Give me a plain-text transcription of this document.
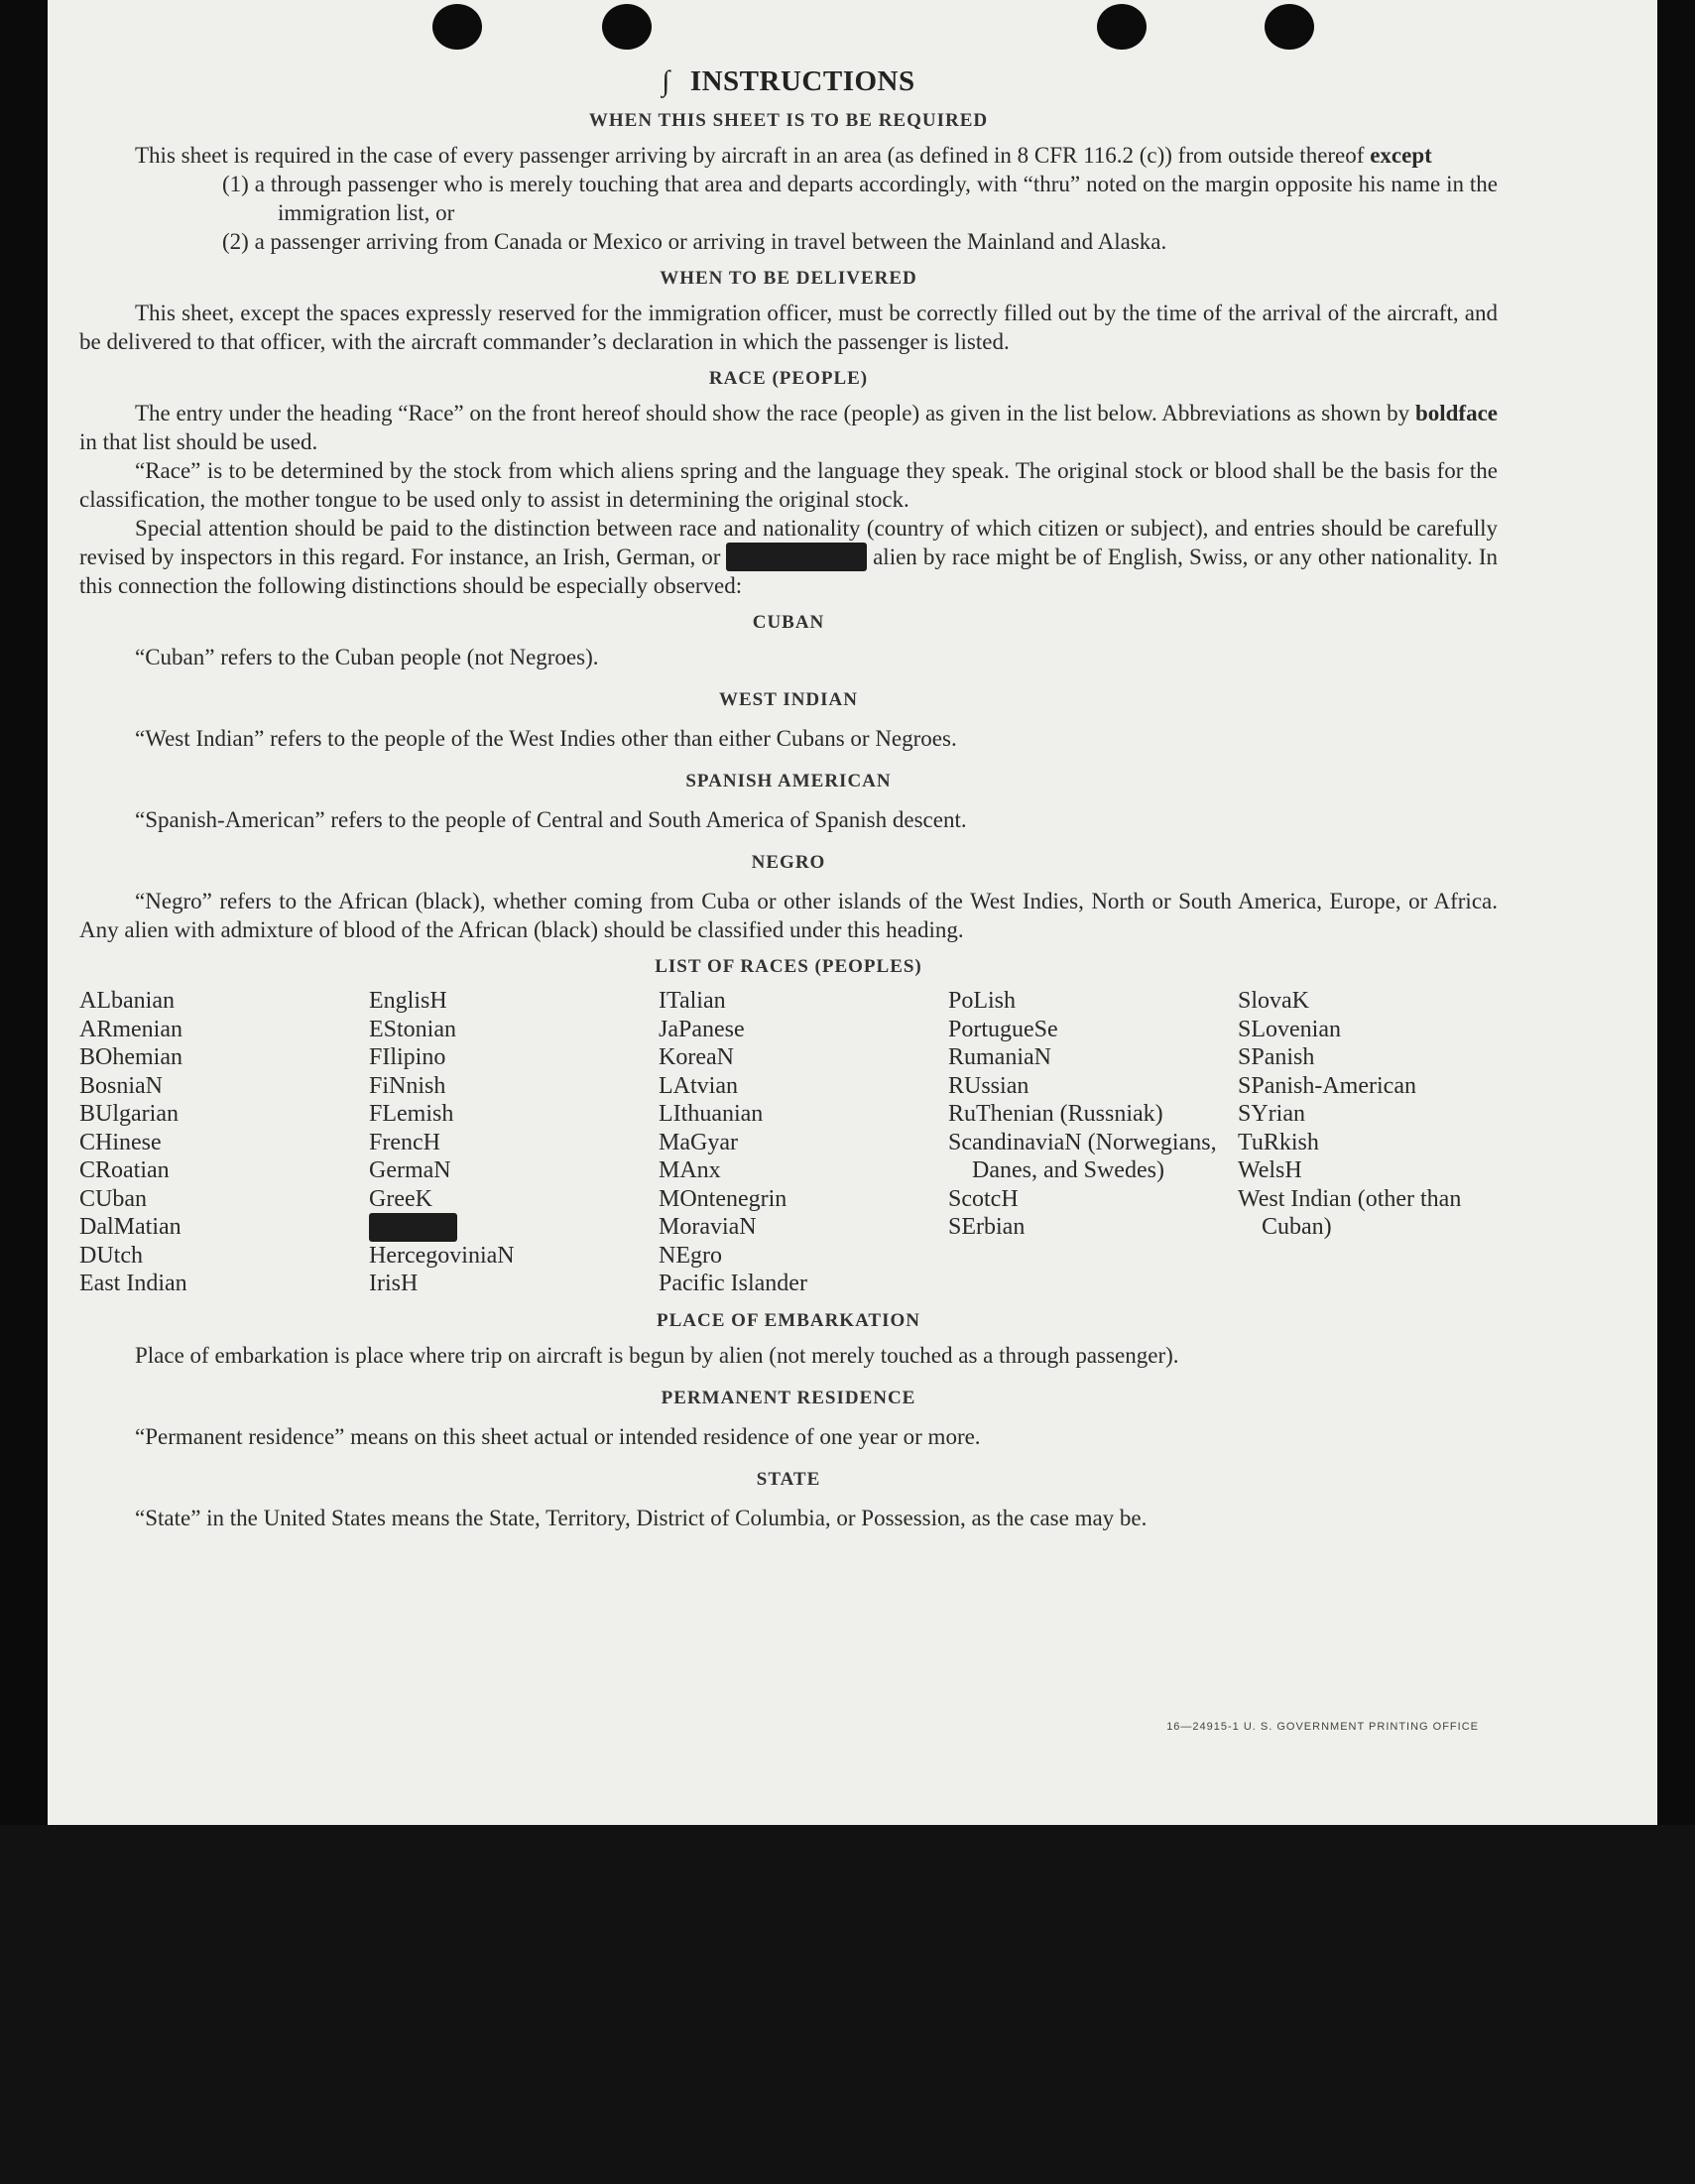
∫ INSTRUCTIONS
WHEN THIS SHEET IS TO BE REQUIRED

This sheet is required in the case of every passenger arriving by aircraft in an area (as defined in 8 CFR 116.2 (c)) from outside thereof except

(1) a through passenger who is merely touching that area and departs accordingly, with “thru” noted on the margin opposite his name in the immigration list, or

(2) a passenger arriving from Canada or Mexico or arriving in travel between the Mainland and Alaska.

WHEN TO BE DELIVERED

This sheet, except the spaces expressly reserved for the immigration officer, must be correctly filled out by the time of the arrival of the aircraft, and be delivered to that officer, with the aircraft commander’s declaration in which the passenger is listed.

RACE (PEOPLE)

The entry under the heading “Race” on the front hereof should show the race (people) as given in the list below. Abbreviations as shown by boldface in that list should be used.

“Race” is to be determined by the stock from which aliens spring and the language they speak. The original stock or blood shall be the basis for the classification, the mother tongue to be used only to assist in determining the original stock.

Special attention should be paid to the distinction between race and nationality (country of which citizen or subject), and entries should be carefully revised by inspectors in this regard. For instance, an Irish, German, or	alien by race might be of English, Swiss, or any other nationality. In this connection the following distinctions should be especially observed:

CUBAN

“Cuban” refers to the Cuban people (not Negroes).

WEST INDIAN

“West Indian” refers to the people of the West Indies other than either Cubans or Negroes.

SPANISH AMERICAN

“Spanish-American” refers to the people of Central and South America of Spanish descent.

NEGRO

“Negro” refers to the African (black), whether coming from Cuba or other islands of the West Indies, North or South America, Europe, or Africa. Any alien with admixture of blood of the African (black) should be classified under this heading.

LIST OF RACES (PEOPLES)
ALbanian
ARmenian
BOhemian
BosniaN
BUlgarian
CHinese
CRoatian
CUban
DalMatian
DUtch
East Indian
EnglisH
EStonian
FIlipino
FiNnish
FLemish
FrencH
GermaN
GreeK
HercegoviniaN
IrisH
ITalian
JaPanese
KoreaN
LAtvian
LIthuanian
MaGyar
MAnx
MOntenegrin
MoraviaN
NEgro
Pacific Islander
PoLish
PortugueSe
RumaniaN
RUssian
RuThenian (Russniak)
ScandinaviaN (Norwegians, Danes, and Swedes)
ScotcH
SErbian
SlovaK
SLovenian
SPanish
SPanish-American
SYrian
TuRkish
WelsH
West Indian (other than Cuban)
PLACE OF EMBARKATION

Place of embarkation is place where trip on aircraft is begun by alien (not merely touched as a through passenger).

PERMANENT RESIDENCE

“Permanent residence” means on this sheet actual or intended residence of one year or more.

STATE

“State” in the United States means the State, Territory, District of Columbia, or Possession, as the case may be.

16—24915-1 U. S. GOVERNMENT PRINTING OFFICE
